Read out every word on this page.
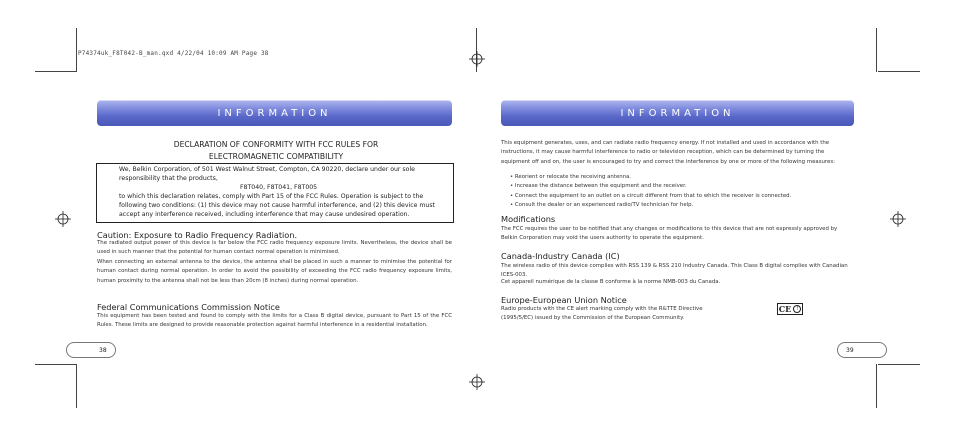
P74374uk_F8T042-B_man.qxd 4/22/04 10:09 AM Page 38
INFORMATION
DECLARATION OF CONFORMITY WITH FCC RULES FOR
ELECTROMAGNETIC COMPATIBILITY
We, Belkin Corporation, of 501 West Walnut Street, Compton, CA 90220, declare under our sole
responsibility that the products,
F8T040, F8T041, F8T005
to which this declaration relates, comply with Part 15 of the FCC Rules. Operation is subject to the
following two conditions: (1) this device may not cause harmful interference, and (2) this device must
accept any interference received, including interference that may cause undesired operation.
Caution: Exposure to Radio Frequency Radiation.
The radiated output power of this device is far below the FCC radio frequency exposure limits. Nevertheless, the device shall be used in such manner that the potential for human contact normal operation is minimised.
When connecting an external antenna to the device, the antenna shall be placed in such a manner to minimise the potential for human contact during normal operation. In order to avoid the possibility of exceeding the FCC radio frequency exposure limits, human proximity to the antenna shall not be less than 20cm (8 inches) during normal operation.
Federal Communications Commission Notice
This equipment has been tested and found to comply with the limits for a Class B digital device, pursuant to Part 15 of the FCC Rules. These limits are designed to provide reasonable protection against harmful interference in a residential installation.
38
INFORMATION
This equipment generates, uses, and can radiate radio frequency energy. If not installed and used in accordance with the instructions, it may cause harmful interference to radio or television reception, which can be determined by turning the equipment off and on, the user is encouraged to try and correct the interference by one or more of the following measures:
• Reorient or relocate the receiving antenna.
• Increase the distance between the equipment and the receiver.
• Connect the equipment to an outlet on a circuit different from that to which the receiver is connected.
• Consult the dealer or an experienced radio/TV technician for help.
Modifications
The FCC requires the user to be notified that any changes or modifications to this device that are not expressly approved by Belkin Corporation may void the users authority to operate the equipment.
Canada-Industry Canada (IC)
The wireless radio of this device complies with RSS 139 & RSS 210 Industry Canada. This Class B digital complies with Canadian ICES-003.
Cet appareil numérique de la classe B conforme à la norme NMB-003 du Canada.
Europe-European Union Notice
Radio products with the CE alert marking comply with the R&TTE Directive (1995/5/EC) issued by the Commission of the European Community.
CE !
39
